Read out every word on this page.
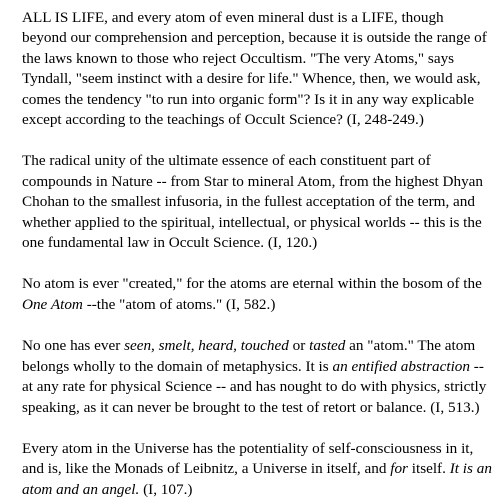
ALL IS LIFE, and every atom of even mineral dust is a LIFE, though beyond our comprehension and perception, because it is outside the range of the laws known to those who reject Occultism. "The very Atoms," says Tyndall, "seem instinct with a desire for life." Whence, then, we would ask, comes the tendency "to run into organic form"? Is it in any way explicable except according to the teachings of Occult Science? (I, 248-249.)

The radical unity of the ultimate essence of each constituent part of compounds in Nature -- from Star to mineral Atom, from the highest Dhyan Chohan to the smallest infusoria, in the fullest acceptation of the term, and whether applied to the spiritual, intellectual, or physical worlds -- this is the one fundamental law in Occult Science. (I, 120.)

No atom is ever "created," for the atoms are eternal within the bosom of the One Atom --the "atom of atoms." (I, 582.)

No one has ever seen, smelt, heard, touched or tasted an "atom." The atom belongs wholly to the domain of metaphysics. It is an entified abstraction --at any rate for physical Science -- and has nought to do with physics, strictly speaking, as it can never be brought to the test of retort or balance. (I, 513.)

Every atom in the Universe has the potentiality of self-consciousness in it, and is, like the Monads of Leibnitz, a Universe in itself, and for itself. It is an atom and an angel. (I, 107.)
